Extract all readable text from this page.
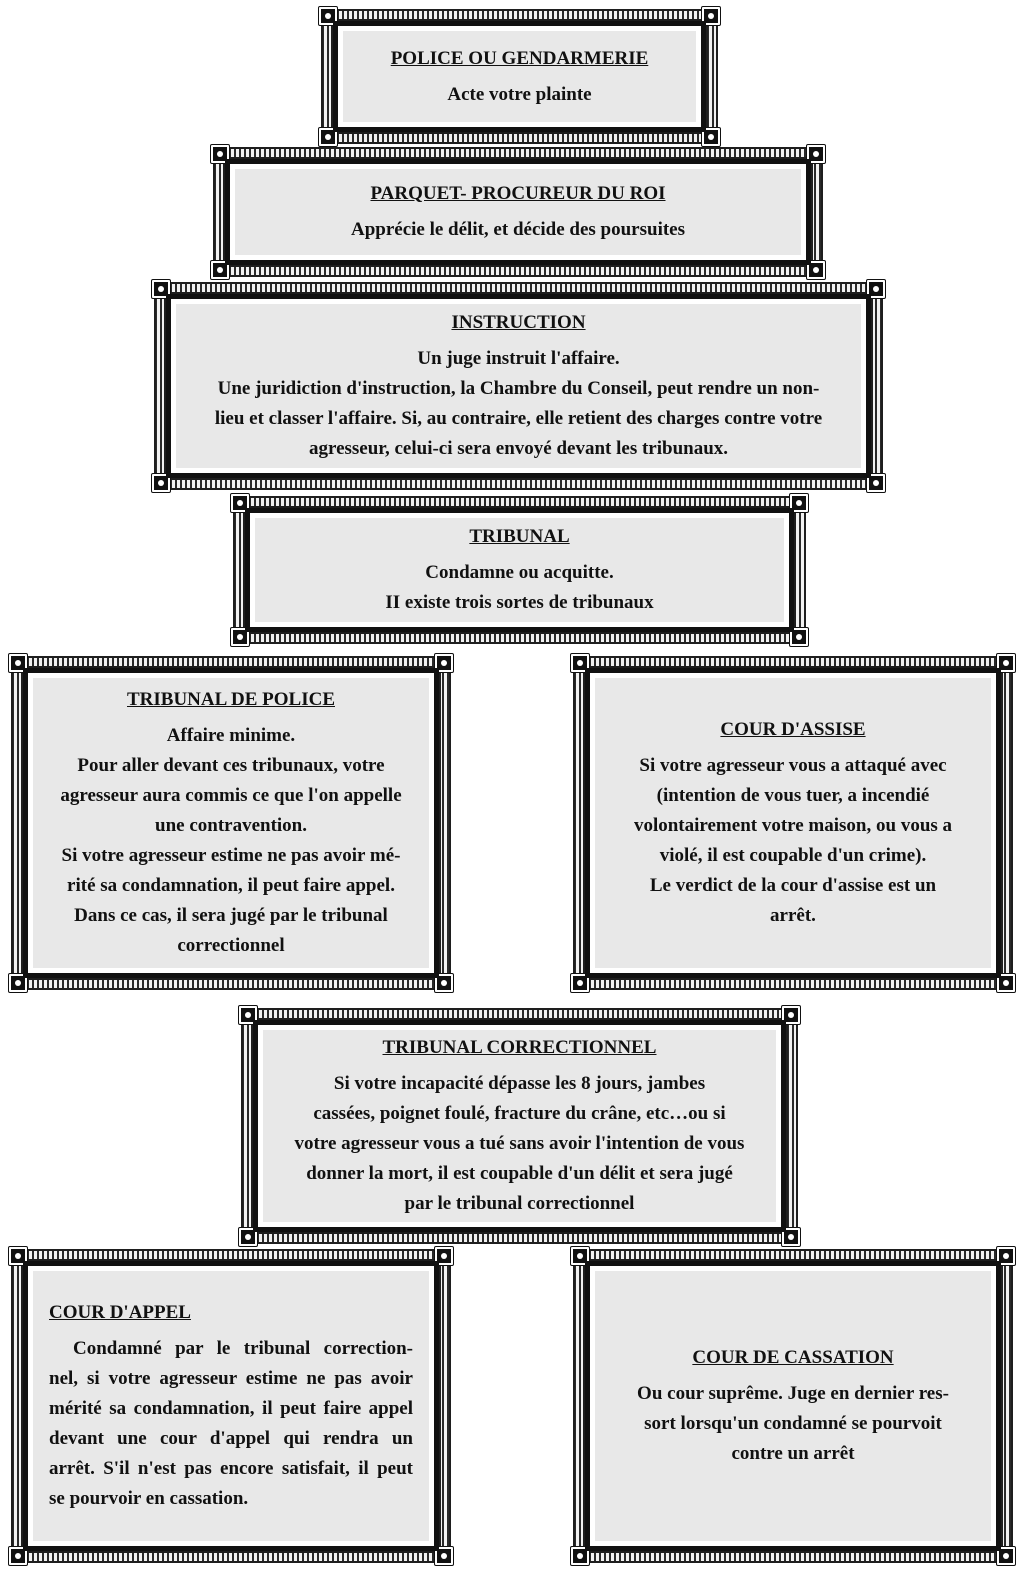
POLICE OU GENDARMERIE
Acte votre plainte
PARQUET- PROCUREUR DU ROI
Apprécie le délit, et décide des poursuites
INSTRUCTION
Un juge instruit l'affaire.
Une juridiction d'instruction, la Chambre du Conseil, peut rendre un non-
lieu et classer l'affaire. Si, au contraire, elle retient des charges contre votre
agresseur, celui-ci sera envoyé devant les tribunaux.
TRIBUNAL
Condamne ou acquitte.
II existe trois sortes de tribunaux
TRIBUNAL DE POLICE
Affaire minime.
Pour aller devant ces tribunaux, votre
agresseur aura commis ce que l'on appelle
une contravention.
Si votre agresseur estime ne pas avoir mé-
rité sa condamnation, il peut faire appel.
Dans ce cas, il sera jugé par le tribunal
correctionnel
COUR D'ASSISE
Si votre agresseur vous a attaqué avec
(intention de vous tuer, a incendié
volontairement votre maison, ou vous a
violé, il est coupable d'un crime).
Le verdict de la cour d'assise est un
arrêt.
TRIBUNAL CORRECTIONNEL
Si votre incapacité dépasse les 8 jours, jambes
cassées, poignet foulé, fracture du crâne, etc…ou si
votre agresseur vous a tué sans avoir l'intention de vous
donner la mort, il est coupable d'un délit et sera jugé
par le tribunal correctionnel
COUR D'APPEL
Condamné par le tribunal correction-
nel, si votre agresseur estime ne pas avoir
mérité sa condamnation, il peut faire appel
devant une cour d'appel qui rendra un
arrêt. S'il n'est pas encore satisfait, il peut
se pourvoir en cassation.
COUR DE CASSATION
Ou cour suprême. Juge en dernier res-
sort lorsqu'un condamné se pourvoit
contre un arrêt
